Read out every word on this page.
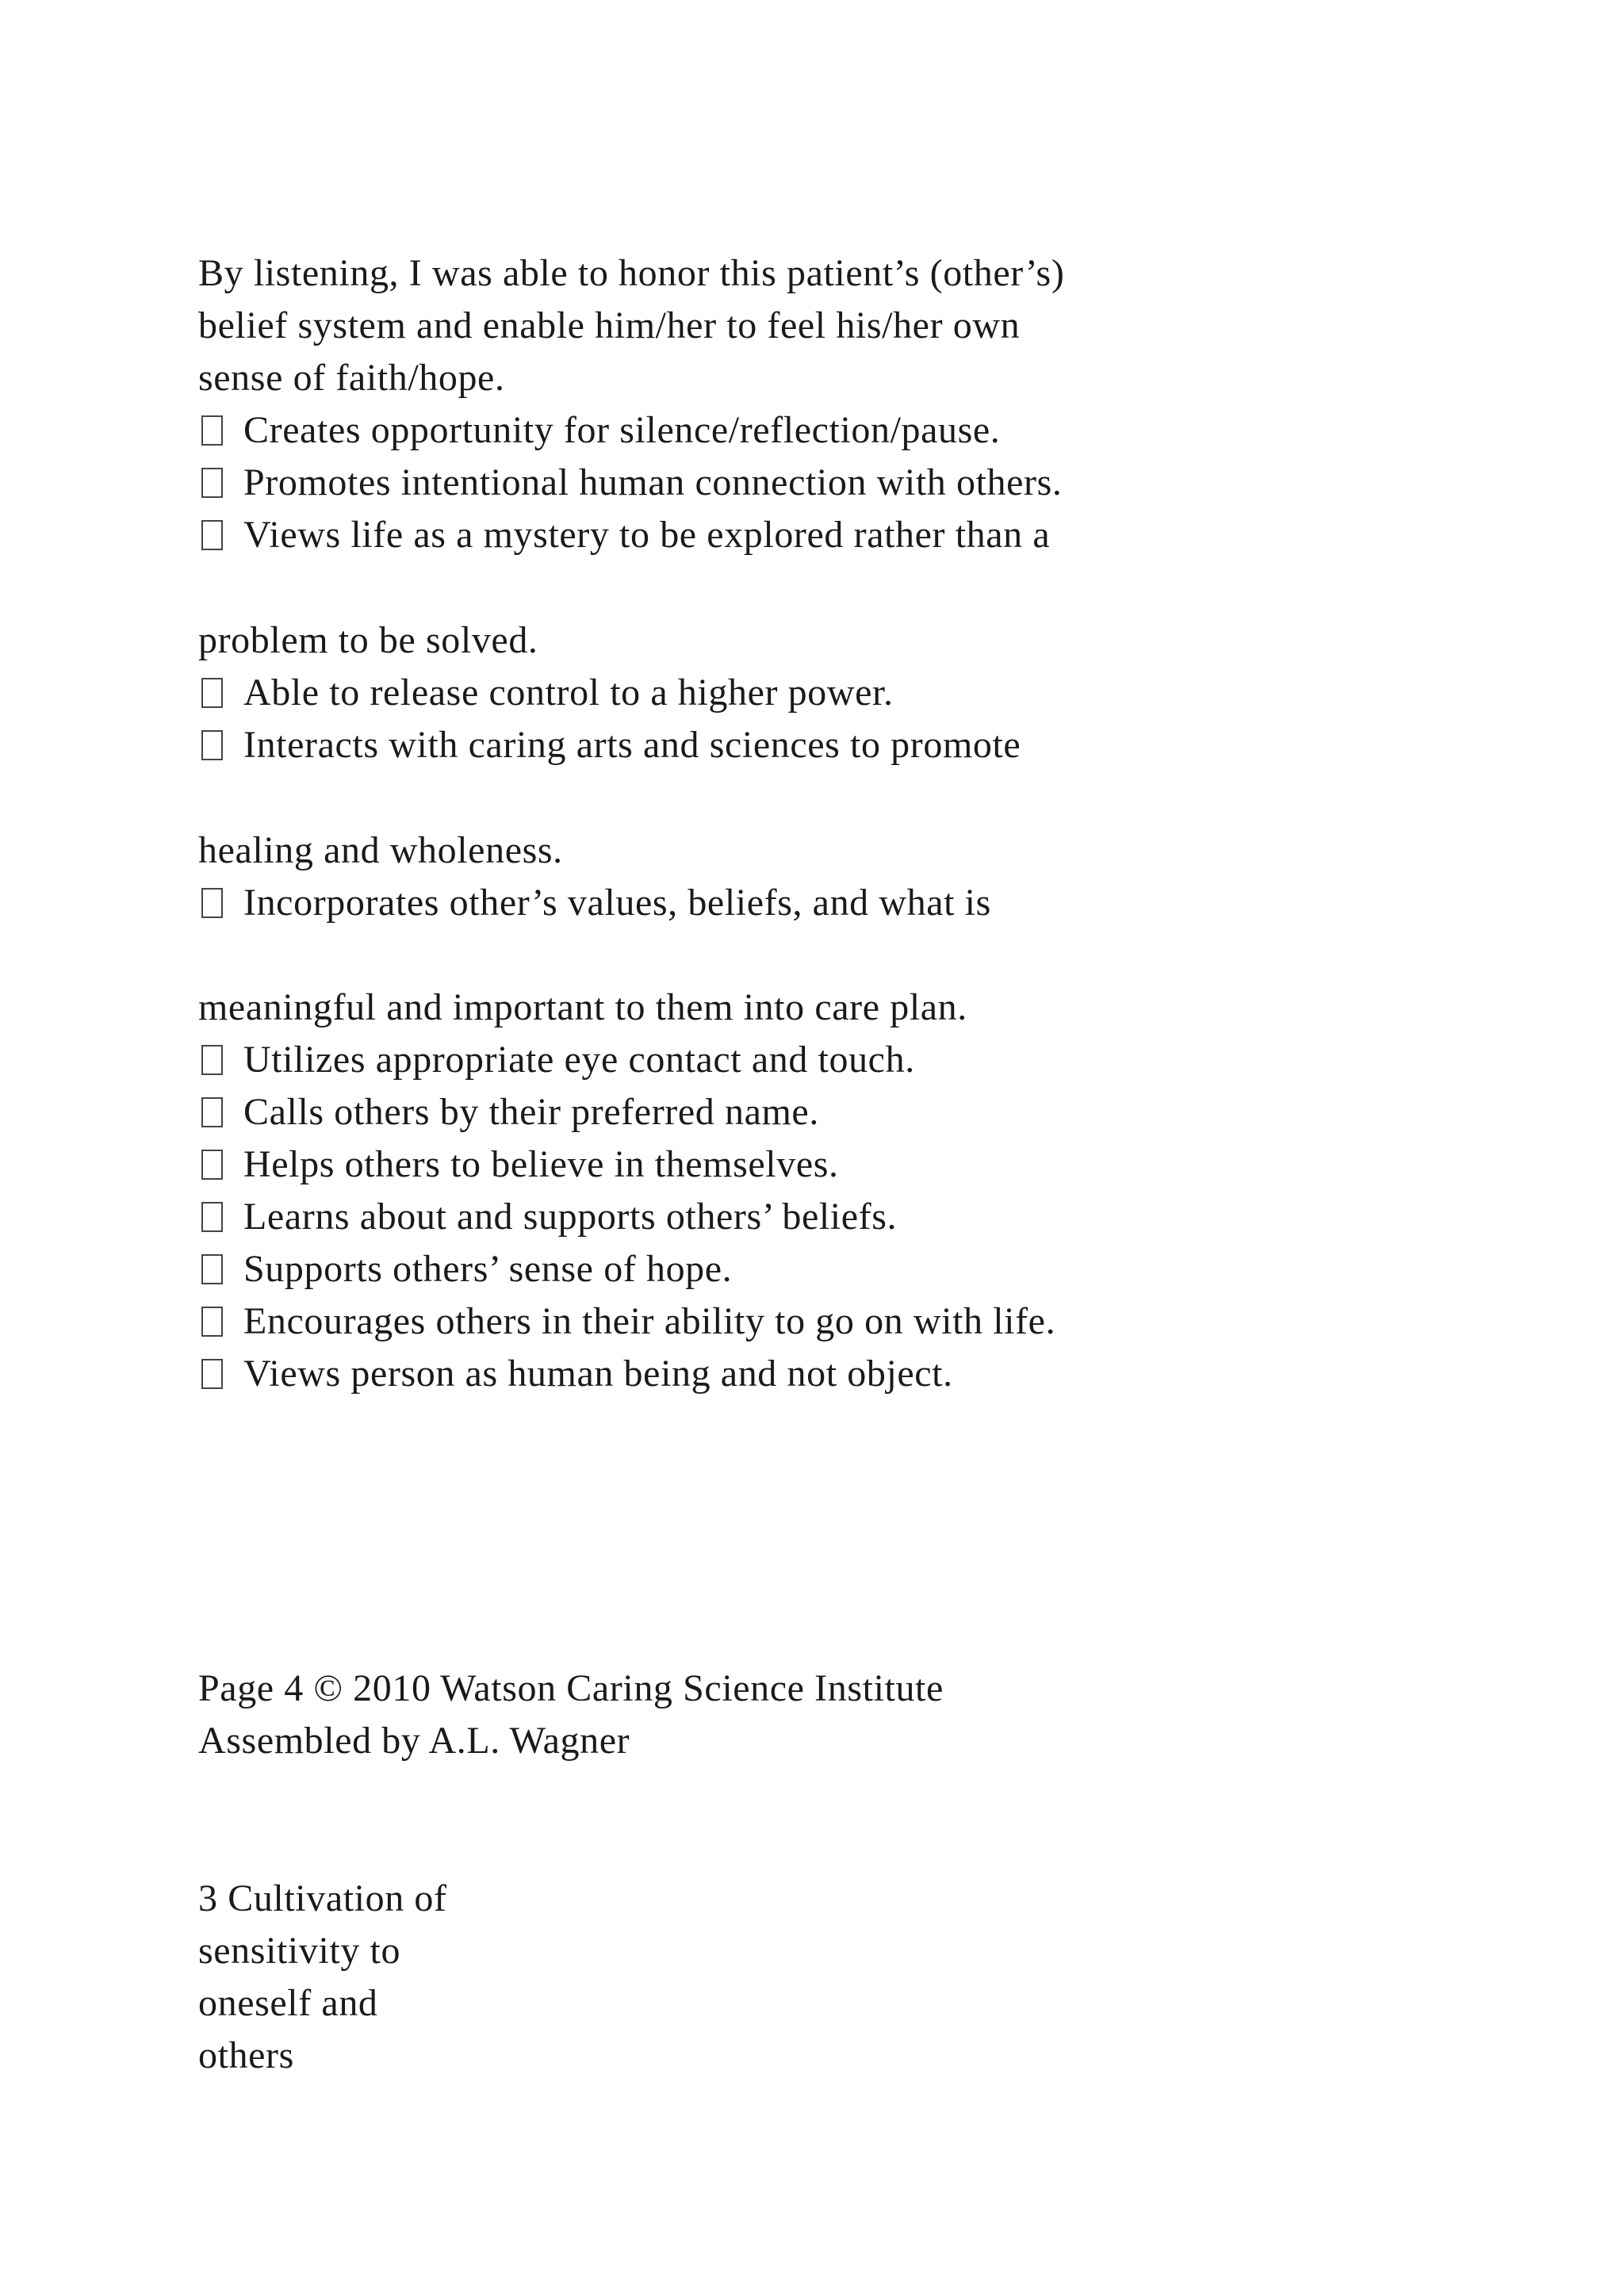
By listening, I was able to honor this patient’s (other’s)
belief system and enable him/her to feel his/her own
sense of faith/hope.
Creates opportunity for silence/reflection/pause.
Promotes intentional human connection with others.
Views life as a mystery to be explored rather than a
problem to be solved.
Able to release control to a higher power.
Interacts with caring arts and sciences to promote
healing and wholeness.
Incorporates other’s values, beliefs, and what is
meaningful and important to them into care plan.
Utilizes appropriate eye contact and touch.
Calls others by their preferred name.
Helps others to believe in themselves.
Learns about and supports others’ beliefs.
Supports others’ sense of hope.
Encourages others in their ability to go on with life.
Views person as human being and not object.
Page 4 © 2010 Watson Caring Science Institute
Assembled by A.L. Wagner
3 Cultivation of
sensitivity to
oneself and
others
